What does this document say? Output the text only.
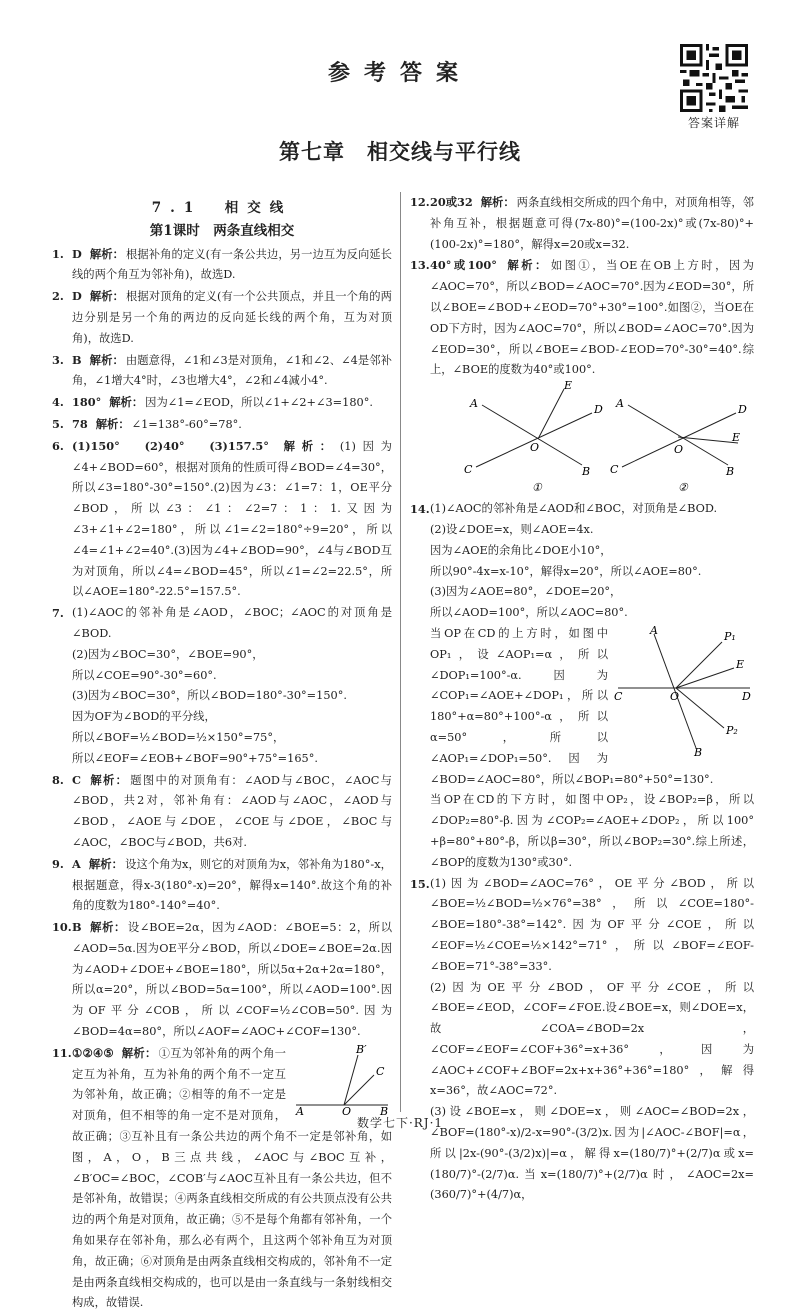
参考答案
答案详解
第七章　相交线与平行线
7.1　相交线
第1课时　两条直线相交
1. D 解析： 根据补角的定义(有一条公共边，另一边互为反向延长线的两个角互为邻补角)，故选D.
2. D 解析： 根据对顶角的定义(有一个公共顶点，并且一个角的两边分别是另一个角的两边的反向延长线的两个角，互为对顶角)，故选D.
3. B 解析： 由题意得，∠1和∠3是对顶角，∠1和∠2、∠4是邻补角，∠1增大4°时，∠3也增大4°，∠2和∠4减小4°.
4. 180° 解析： 因为∠1=∠EOD，所以∠1+∠2+∠3=180°.
5. 78 解析： ∠1=138°-60°=78°.
6. (1)150°　(2)40°　(3)157.5° 解析： (1)因为∠4+∠BOD=60°，根据对顶角的性质可得∠BOD=∠4=30°，所以∠3=180°-30°=150°.(2)因为∠3：∠1=7：1，OE平分∠BOD，所以∠3：∠1：∠2=7：1：1.又因为∠3+∠1+∠2=180°，所以∠1=∠2=180°÷9=20°，所以∠4=∠1+∠2=40°.(3)因为∠4+∠BOD=90°，∠4与∠BOD互为对顶角，所以∠4=∠BOD=45°，所以∠1=∠2=22.5°，所以∠AOE=180°-22.5°=157.5°.
7. (1)∠AOC的邻补角是∠AOD，∠BOC；∠AOC的对顶角是∠BOD.
(2)因为∠BOC=30°，∠BOE=90°，
所以∠COE=90°-30°=60°.
(3)因为∠BOC=30°，所以∠BOD=180°-30°=150°.
因为OF为∠BOD的平分线，
所以∠BOF=½∠BOD=½×150°=75°，
所以∠EOF=∠EOB+∠BOF=90°+75°=165°.
8. C 解析： 题图中的对顶角有：∠AOD与∠BOC，∠AOC与∠BOD，共2对，邻补角有：∠AOD与∠AOC，∠AOD与∠BOD，∠AOE与∠DOE，∠COE与∠DOE，∠BOC与∠AOC，∠BOC与∠BOD，共6对.
9. A 解析： 设这个角为x，则它的对顶角为x，邻补角为180°-x，根据题意，得x-3(180°-x)=20°，解得x=140°.故这个角的补角的度数为180°-140°=40°.
10. B 解析： 设∠BOE=2α，因为∠AOD：∠BOE=5：2，所以∠AOD=5α.因为OE平分∠BOD，所以∠DOE=∠BOE=2α.因为∠AOD+∠DOE+∠BOE=180°，所以5α+2α+2α=180°，所以α=20°，所以∠BOD=5α=100°，所以∠AOD=100°.因为OF平分∠COB，所以∠COF=½∠COB=50°.因为∠BOD=4α=80°，所以∠AOF=∠AOC+∠COF=130°.
11.
A	O	B
B′
C
①②④⑤ 解析： ①互为邻补角的两个角一定互为补角，互为补角的两个角不一定互为邻补角，故正确；②相等的角不一定是对顶角，但不相等的角一定不是对顶角，故正确；③互补且有一条公共边的两个角不一定是邻补角，如图，A，O，B三点共线，∠AOC与∠BOC互补，∠B′OC=∠BOC，∠COB′与∠AOC互补且有一条公共边，但不是邻补角，故错误；④两条直线相交所成的有公共顶点没有公共边的两个角是对顶角，故正确；⑤不是每个角都有邻补角，一个角如果存在邻补角，那么必有两个，且这两个邻补角互为对顶角，故正确；⑥对顶角是由两条直线相交构成的，邻补角不一定是由两条直线相交构成的，也可以是由一条直线与一条射线相交构成，故错误.
12. 20或32 解析： 两条直线相交所成的四个角中，对顶角相等，邻补角互补，根据题意可得(7x-80)°=(100-2x)°或(7x-80)°+(100-2x)°=180°，解得x=20或x=32.
13. 40°或100° 解析： 如图①，当OE在OB上方时，因为∠AOC=70°，所以∠BOD=∠AOC=70°.因为∠EOD=30°，所以∠BOE=∠BOD+∠EOD=70°+30°=100°.如图②，当OE在OD下方时，因为∠AOC=70°，所以∠BOD=∠AOC=70°.因为∠EOD=30°，所以∠BOE=∠BOD-∠EOD=70°-30°=40°.综上，∠BOE的度数为40°或100°.
A	D
E
C	B
O
①
A	D
E
C	B
O
②
14. (1)∠AOC的邻补角是∠AOD和∠BOC，对顶角是∠BOD.
(2)设∠DOE=x，则∠AOE=4x.
因为∠AOE的余角比∠DOE小10°，
所以90°-4x=x-10°，解得x=20°，所以∠AOE=80°.
(3)因为∠AOE=80°，∠DOE=20°，
所以∠AOD=100°，所以∠AOC=80°.
A	P₁
E
C	D
O
B
P₂
当OP在CD的上方时，如图中OP₁，设∠AOP₁=α，所以∠DOP₁=100°-α.因为∠COP₁=∠AOE+∠DOP₁，所以180°+α=80°+100°-α，所以α=50°，所以∠AOP₁=∠DOP₁=50°.因为∠BOD=∠AOC=80°，所以∠BOP₁=80°+50°=130°.
当OP在CD的下方时，如图中OP₂，设∠BOP₂=β，所以∠DOP₂=80°-β.因为∠COP₂=∠AOE+∠DOP₂，所以100°+β=80°+80°-β，所以β=30°，所以∠BOP₂=30°.综上所述，∠BOP的度数为130°或30°.
15. (1)因为∠BOD=∠AOC=76°，OE平分∠BOD，所以∠BOE=½∠BOD=½×76°=38°，所以∠COE=180°-∠BOE=180°-38°=142°.因为OF平分∠COE，所以∠EOF=½∠COE=½×142°=71°，所以∠BOF=∠EOF-∠BOE=71°-38°=33°.
(2)因为OE平分∠BOD，OF平分∠COE，所以∠BOE=∠EOD，∠COF=∠FOE.设∠BOE=x，则∠DOE=x，故∠COA=∠BOD=2x，∠COF=∠EOF=∠COF+36°=x+36°，因为∠AOC+∠COF+∠BOF=2x+x+36°+36°=180°，解得x=36°，故∠AOC=72°.
(3)设∠BOE=x，则∠DOE=x，则∠AOC=∠BOD=2x，∠BOF=(180°-x)/2-x=90°-(3/2)x.因为|∠AOC-∠BOF|=α，所以|2x-(90°-(3/2)x)|=α，解得x=(180/7)°+(2/7)α或x=(180/7)°-(2/7)α.当x=(180/7)°+(2/7)α时，∠AOC=2x=(360/7)°+(4/7)α，
数学七下·RJ·1
